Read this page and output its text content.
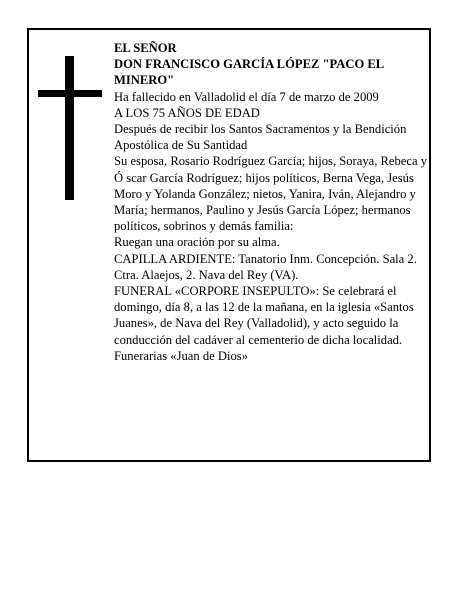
EL SEÑOR

DON FRANCISCO GARCÍA LÓPEZ "PACO EL MINERO"

Ha fallecido en Valladolid el día 7 de marzo de 2009

A LOS 75 AÑOS DE EDAD

Después de recibir los Santos Sacramentos y la Bendición Apostólica de Su Santidad

Su esposa, Rosario Rodríguez García; hijos, Soraya, Rebeca y Ó scar García Rodríguez; hijos políticos, Berna Vega, Jesús Moro y Yolanda González; nietos, Yanira, Iván, Alejandro y María; hermanos, Paulino y Jesús García López; hermanos políticos, sobrinos y demás familia:

Ruegan una oración por su alma.

CAPILLA ARDIENTE: Tanatorio Inm. Concepción. Sala 2. Ctra. Alaejos, 2. Nava del Rey (VA).

FUNERAL «CORPORE INSEPULTO»: Se celebrará el domingo, día 8, a las 12 de la mañana, en la iglesia «Santos Juanes», de Nava del Rey (Valladolid), y acto seguido la conducción del cadáver al cementerio de dicha localidad.

Funerarias «Juan de Dios»
